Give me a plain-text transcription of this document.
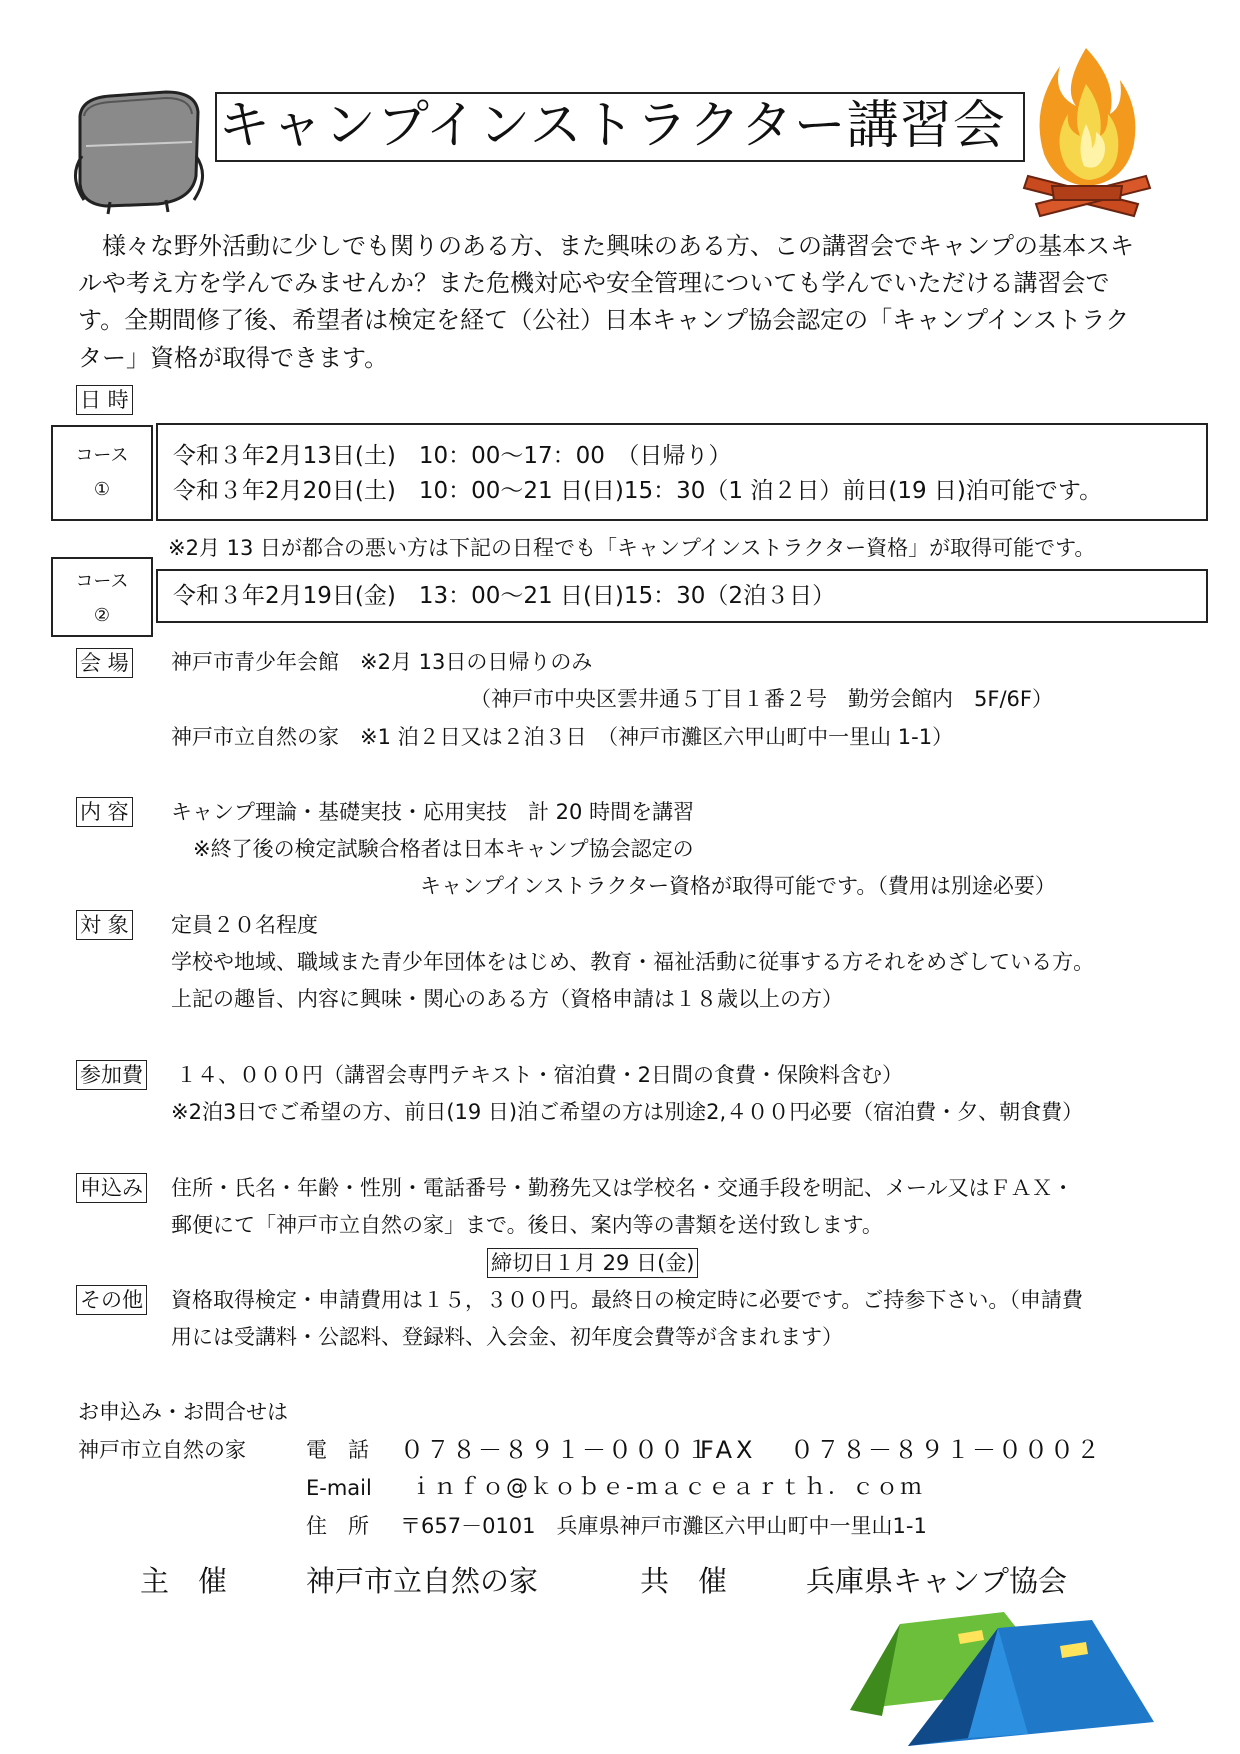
キャンプインストラクター講習会
　様々な野外活動に少しでも関りのある方、また興味のある方、この講習会でキャンプの基本スキ
ルや考え方を学んでみませんか？また危機対応や安全管理についても学んでいただける講習会で
す。全期間修了後、希望者は検定を経て（公社）日本キャンプ協会認定の「キャンプインストラク
ター」資格が取得できます。
日 時
コース
①
令和３年2月13日(土)　10：00～17：00　（日帰り）
令和３年2月20日(土)　10：00～21 日(日)15：30（1 泊２日）前日(19 日)泊可能です。
※2月 13 日が都合の悪い方は下記の日程でも「キャンプインストラクター資格」が取得可能です。
コース
②
令和３年2月19日(金)　13：00～21 日(日)15：30（2泊３日）
会 場 神戸市青少年会館　※2月 13日の日帰りのみ
（神戸市中央区雲井通５丁目１番２号　勤労会館内　5F/6F）
神戸市立自然の家　※1 泊２日又は２泊３日　（神戸市灘区六甲山町中一里山 1-1）
内 容 キャンプ理論・基礎実技・応用実技　計 20 時間を講習
※終了後の検定試験合格者は日本キャンプ協会認定の
キャンプインストラクター資格が取得可能です。（費用は別途必要）
対 象 定員２０名程度
学校や地域、職域また青少年団体をはじめ、教育・福祉活動に従事する方それをめざしている方。
上記の趣旨、内容に興味・関心のある方（資格申請は１８歳以上の方）
参加費 １４、０００円（講習会専門テキスト・宿泊費・2日間の食費・保険料含む）
※2泊3日でご希望の方、前日(19 日)泊ご希望の方は別途2,４００円必要（宿泊費・夕、朝食費）
申込み 住所・氏名・年齢・性別・電話番号・勤務先又は学校名・交通手段を明記、メール又はＦＡＸ・
郵便にて「神戸市立自然の家」まで。後日、案内等の書類を送付致します。
締切日１月 29 日(金)
その他 資格取得検定・申請費用は１５，３００円。最終日の検定時に必要です。ご持参下さい。（申請費
用には受講料・公認料、登録料、入会金、初年度会費等が含まれます）
お申込み・お問合せは
神戸市立自然の家	電　話 ０７８－８９１－０００１
FAX ０７８－８９１－０００２
E-mail ｉｎｆｏ@ｋｏｂｅ-ｍａｃｅａｒｔｈ．ｃｏｍ
住　所 〒657－0101　兵庫県神戸市灘区六甲山町中一里山1-1
主　催	神戸市立自然の家	共　催	兵庫県キャンプ協会
